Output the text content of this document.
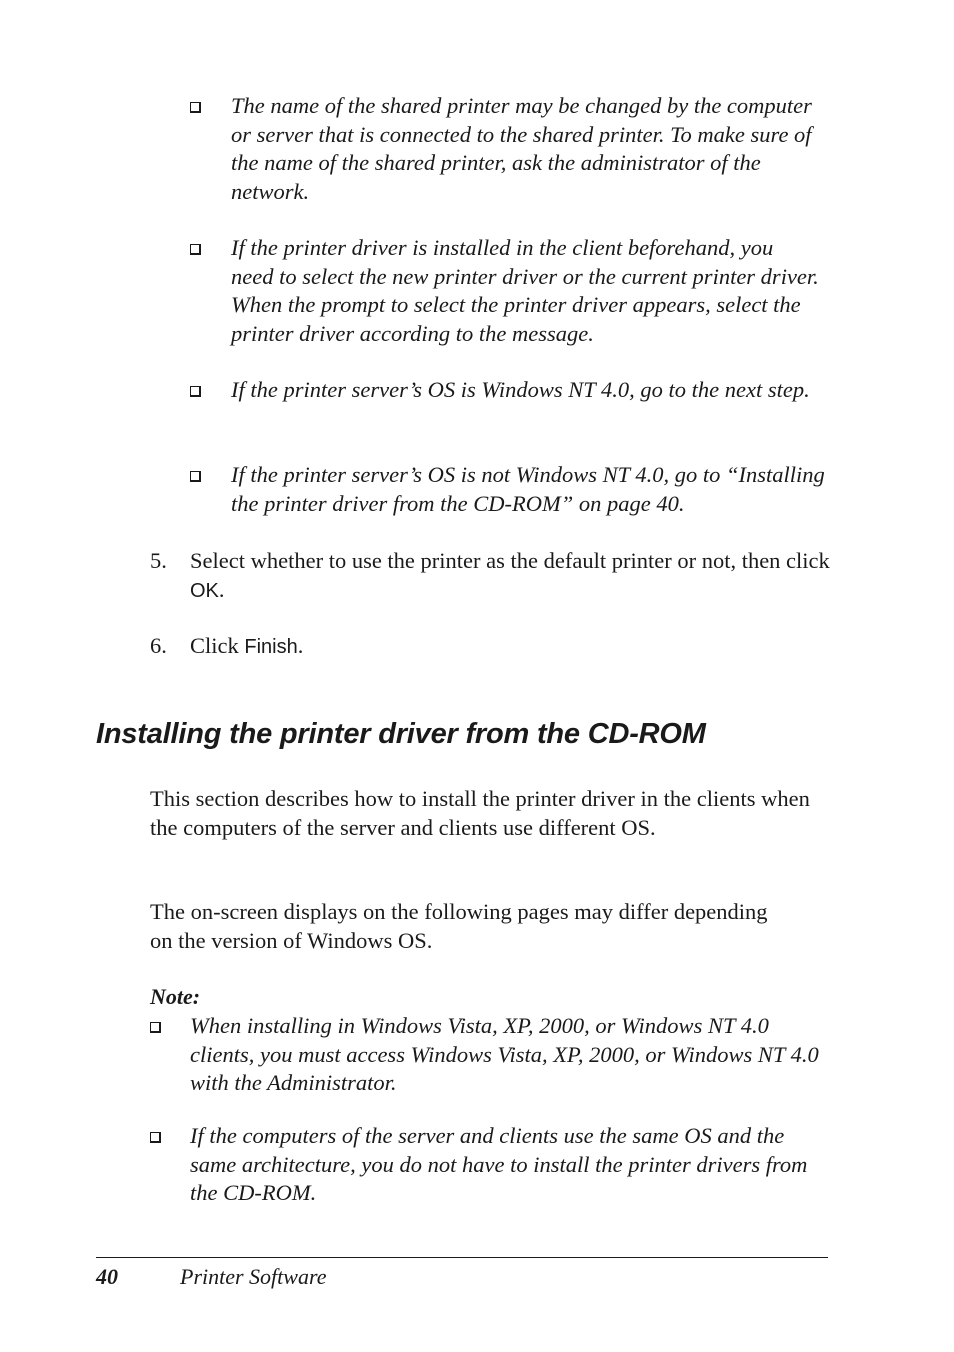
The name of the shared printer may be changed by the computer or server that is connected to the shared printer. To make sure of the name of the shared printer, ask the administrator of the network.
If the printer driver is installed in the client beforehand, you need to select the new printer driver or the current printer driver. When the prompt to select the printer driver appears, select the printer driver according to the message.
If the printer server’s OS is Windows NT 4.0, go to the next step.
If the printer server’s OS is not Windows NT 4.0, go to “Installing the printer driver from the CD-ROM” on page 40.
5. Select whether to use the printer as the default printer or not, then click OK.
6. Click Finish.
Installing the printer driver from the CD-ROM
This section describes how to install the printer driver in the clients when the computers of the server and clients use different OS.
The on-screen displays on the following pages may differ depending on the version of Windows OS.
Note:
When installing in Windows Vista, XP, 2000, or Windows NT 4.0 clients, you must access Windows Vista, XP, 2000, or Windows NT 4.0 with the Administrator.
If the computers of the server and clients use the same OS and the same architecture, you do not have to install the printer drivers from the CD-ROM.
40	Printer Software
